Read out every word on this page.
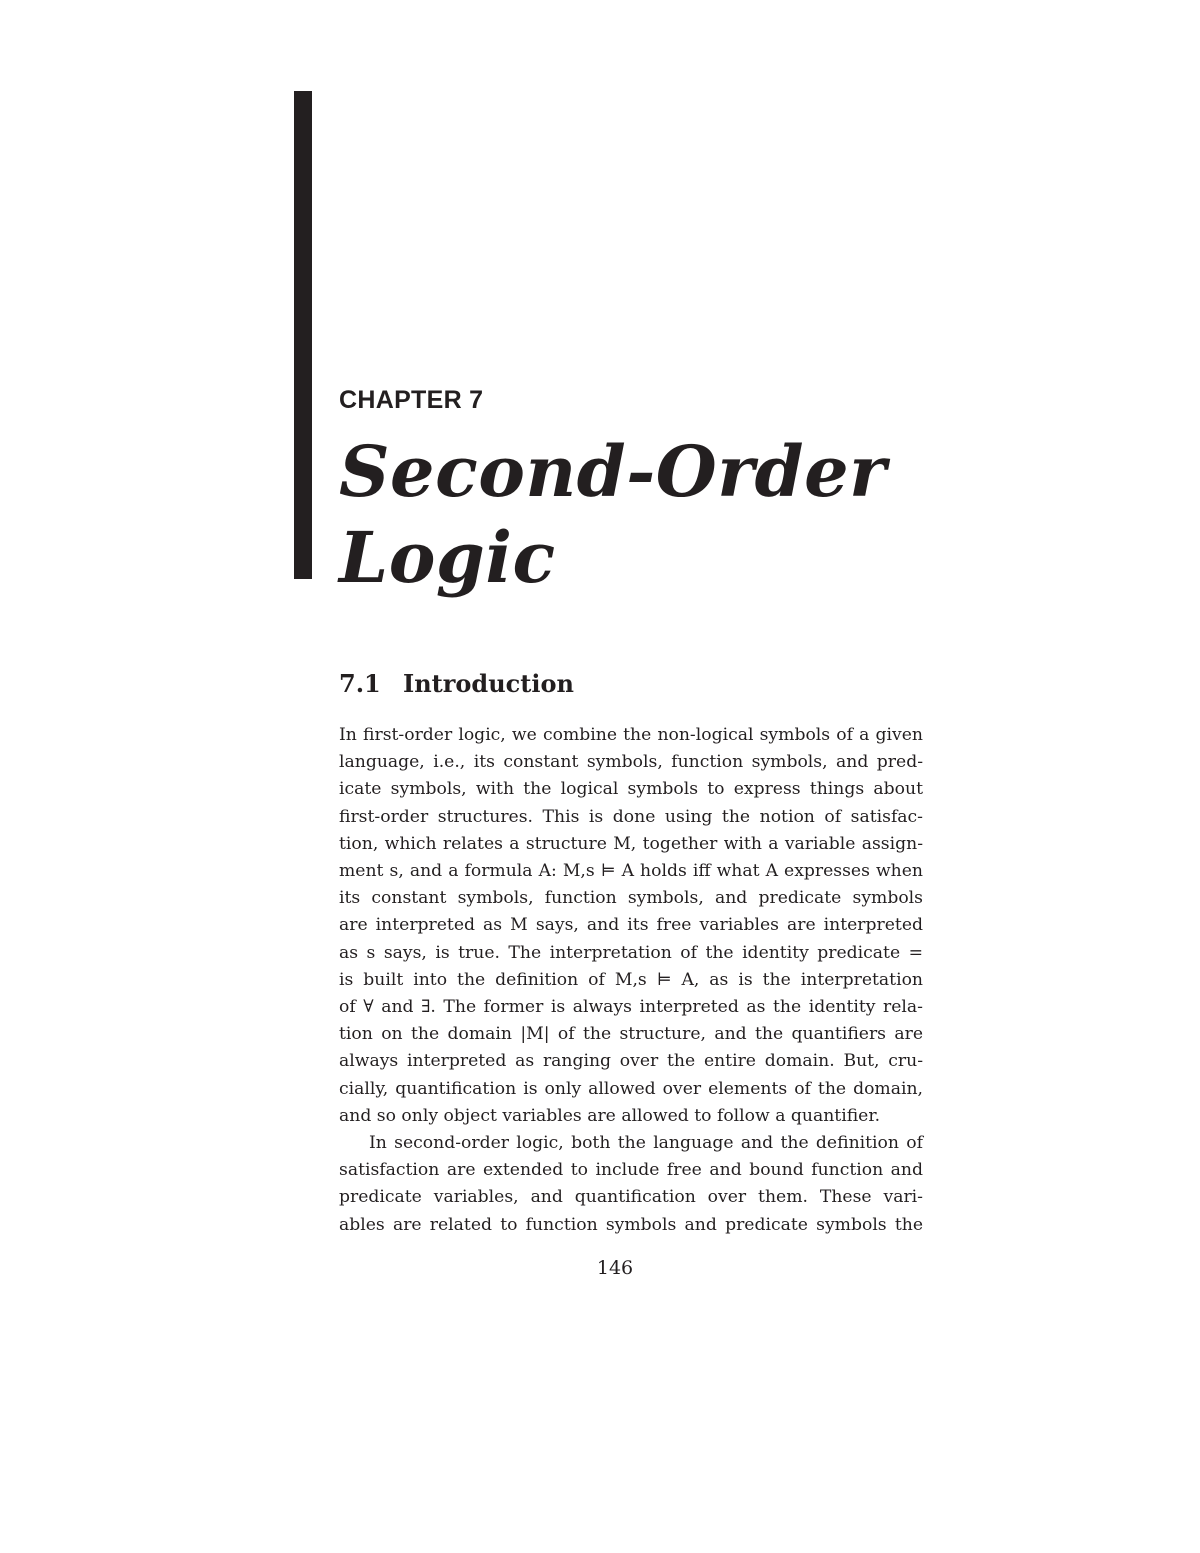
CHAPTER 7
Second-Order
Logic
7.1 Introduction
In first-order logic, we combine the non-logical symbols of a given
language, i.e., its constant symbols, function symbols, and pred-
icate symbols, with the logical symbols to express things about
first-order structures. This is done using the notion of satisfac-
tion, which relates a structure M, together with a variable assign-
ment s, and a formula A: M,s ⊨ A holds iff what A expresses when
its constant symbols, function symbols, and predicate symbols
are interpreted as M says, and its free variables are interpreted
as s says, is true. The interpretation of the identity predicate =
is built into the definition of M,s ⊨ A, as is the interpretation
of ∀ and ∃. The former is always interpreted as the identity rela-
tion on the domain |M| of the structure, and the quantifiers are
always interpreted as ranging over the entire domain. But, cru-
cially, quantification is only allowed over elements of the domain,
and so only object variables are allowed to follow a quantifier.
In second-order logic, both the language and the definition of
satisfaction are extended to include free and bound function and
predicate variables, and quantification over them. These vari-
ables are related to function symbols and predicate symbols the
146
